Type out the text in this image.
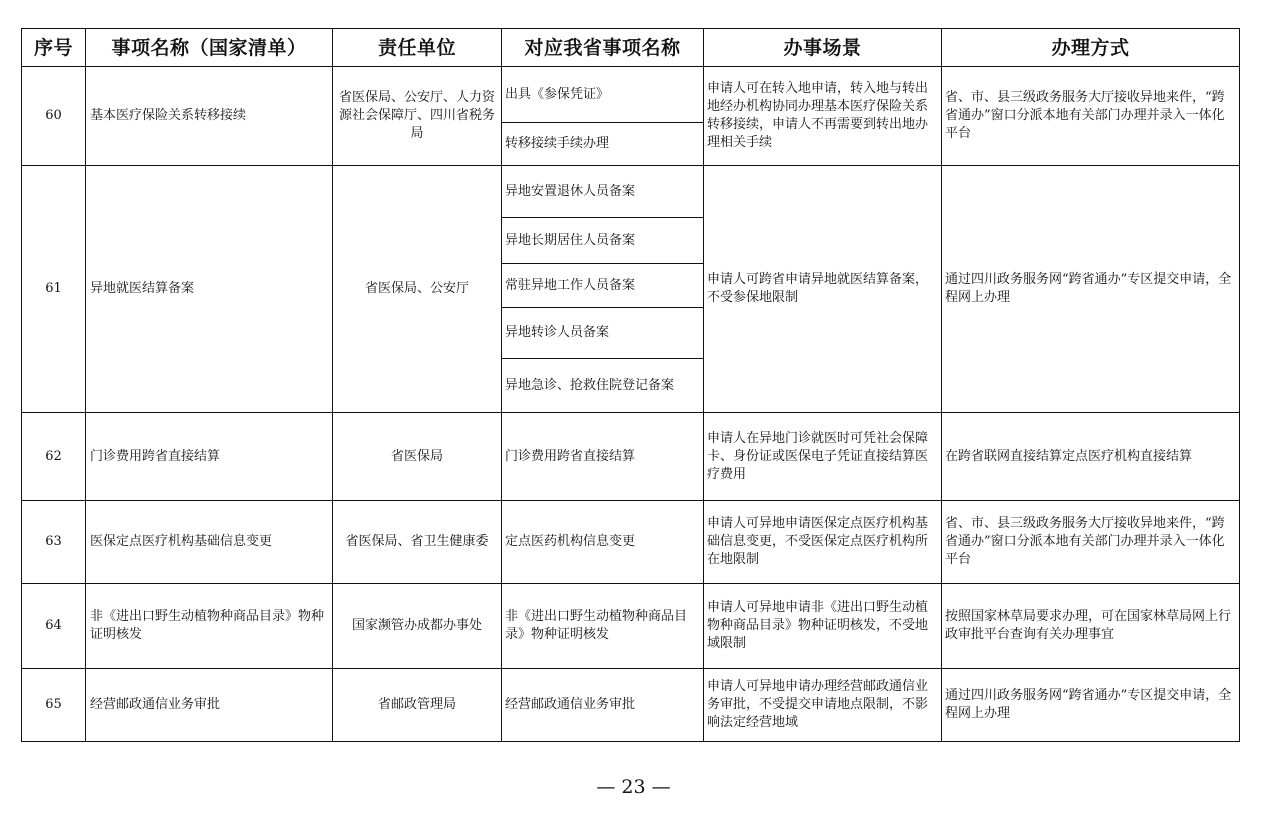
序号	事项名称（国家清单）	责任单位	对应我省事项名称	办事场景	办理方式
60	基本医疗保险关系转移接续	省医保局、公安厅、人力资源社会保障厅、四川省税务局	出具《参保凭证》	申请人可在转入地申请，转入地与转出地经办机构协同办理基本医疗保险关系转移接续，申请人不再需要到转出地办理相关手续	省、市、县三级政务服务大厅接收异地来件，“跨省通办”窗口分派本地有关部门办理并录入一体化平台
			转移接续手续办理		
61	异地就医结算备案	省医保局、公安厅	异地安置退休人员备案	申请人可跨省申请异地就医结算备案，不受参保地限制	通过四川政务服务网“跨省通办”专区提交申请，全程网上办理
			异地长期居住人员备案		
			常驻异地工作人员备案		
			异地转诊人员备案		
			异地急诊、抢救住院登记备案		
62	门诊费用跨省直接结算	省医保局	门诊费用跨省直接结算	申请人在异地门诊就医时可凭社会保障卡、身份证或医保电子凭证直接结算医疗费用	在跨省联网直接结算定点医疗机构直接结算
63	医保定点医疗机构基础信息变更	省医保局、省卫生健康委	定点医药机构信息变更	申请人可异地申请医保定点医疗机构基础信息变更，不受医保定点医疗机构所在地限制	省、市、县三级政务服务大厅接收异地来件，“跨省通办”窗口分派本地有关部门办理并录入一体化平台
64	非《进出口野生动植物种商品目录》物种证明核发	国家濒管办成都办事处	非《进出口野生动植物种商品目录》物种证明核发	申请人可异地申请非《进出口野生动植物种商品目录》物种证明核发，不受地域限制	按照国家林草局要求办理，可在国家林草局网上行政审批平台查询有关办理事宜
65	经营邮政通信业务审批	省邮政管理局	经营邮政通信业务审批	申请人可异地申请办理经营邮政通信业务审批，不受提交申请地点限制，不影响法定经营地域	通过四川政务服务网“跨省通办”专区提交申请，全程网上办理
— 23 —
